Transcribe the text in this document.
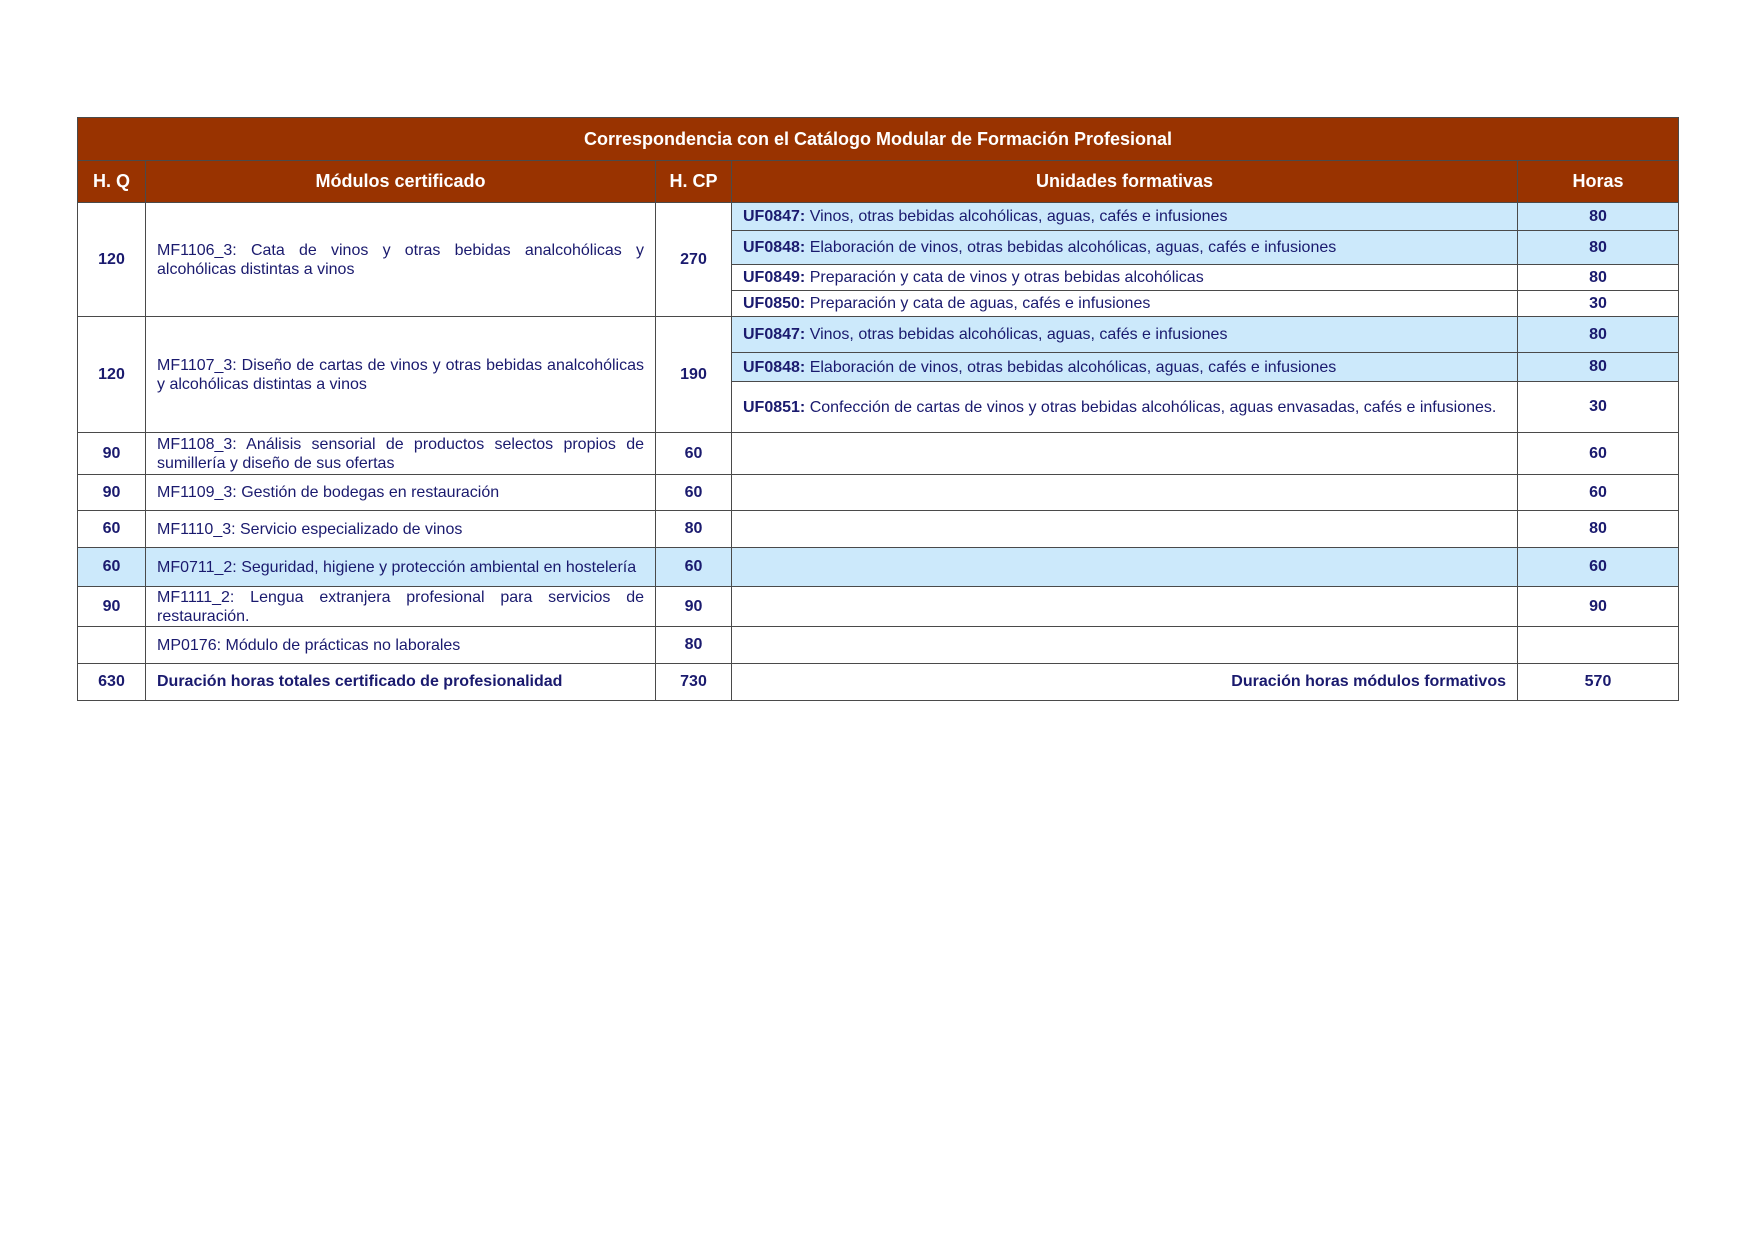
Correspondencia con el Catálogo Modular de Formación Profesional				
H. Q	Módulos certificado	H. CP	Unidades formativas	Horas
120	MF1106_3: Cata de vinos y otras bebidas analcohólicas y alcohólicas distintas a vinos	270	UF0847: Vinos, otras bebidas alcohólicas, aguas, cafés e infusiones	80
			UF0848: Elaboración de vinos, otras bebidas alcohólicas, aguas, cafés e infusiones	80
			UF0849: Preparación y cata de vinos y otras bebidas alcohólicas	80
			UF0850: Preparación y cata de aguas, cafés e infusiones	30
120	MF1107_3: Diseño de cartas de vinos y otras bebidas analcohólicas y alcohólicas distintas a vinos	190	UF0847: Vinos, otras bebidas alcohólicas, aguas, cafés e infusiones	80
			UF0848: Elaboración de vinos, otras bebidas alcohólicas, aguas, cafés e infusiones	80
			UF0851: Confección de cartas de vinos y otras bebidas alcohólicas, aguas envasadas, cafés e infusiones.	30
90	MF1108_3: Análisis sensorial de productos selectos propios de sumillería y diseño de sus ofertas	60		60
90	MF1109_3: Gestión de bodegas en restauración	60		60
60	MF1110_3: Servicio especializado de vinos	80		80
60	MF0711_2: Seguridad, higiene y protección ambiental en hostelería	60		60
90	MF1111_2: Lengua extranjera profesional para servicios de restauración.	90		90
	MP0176: Módulo de prácticas no laborales	80		
630	Duración horas totales certificado de profesionalidad	730	Duración horas módulos formativos	570
